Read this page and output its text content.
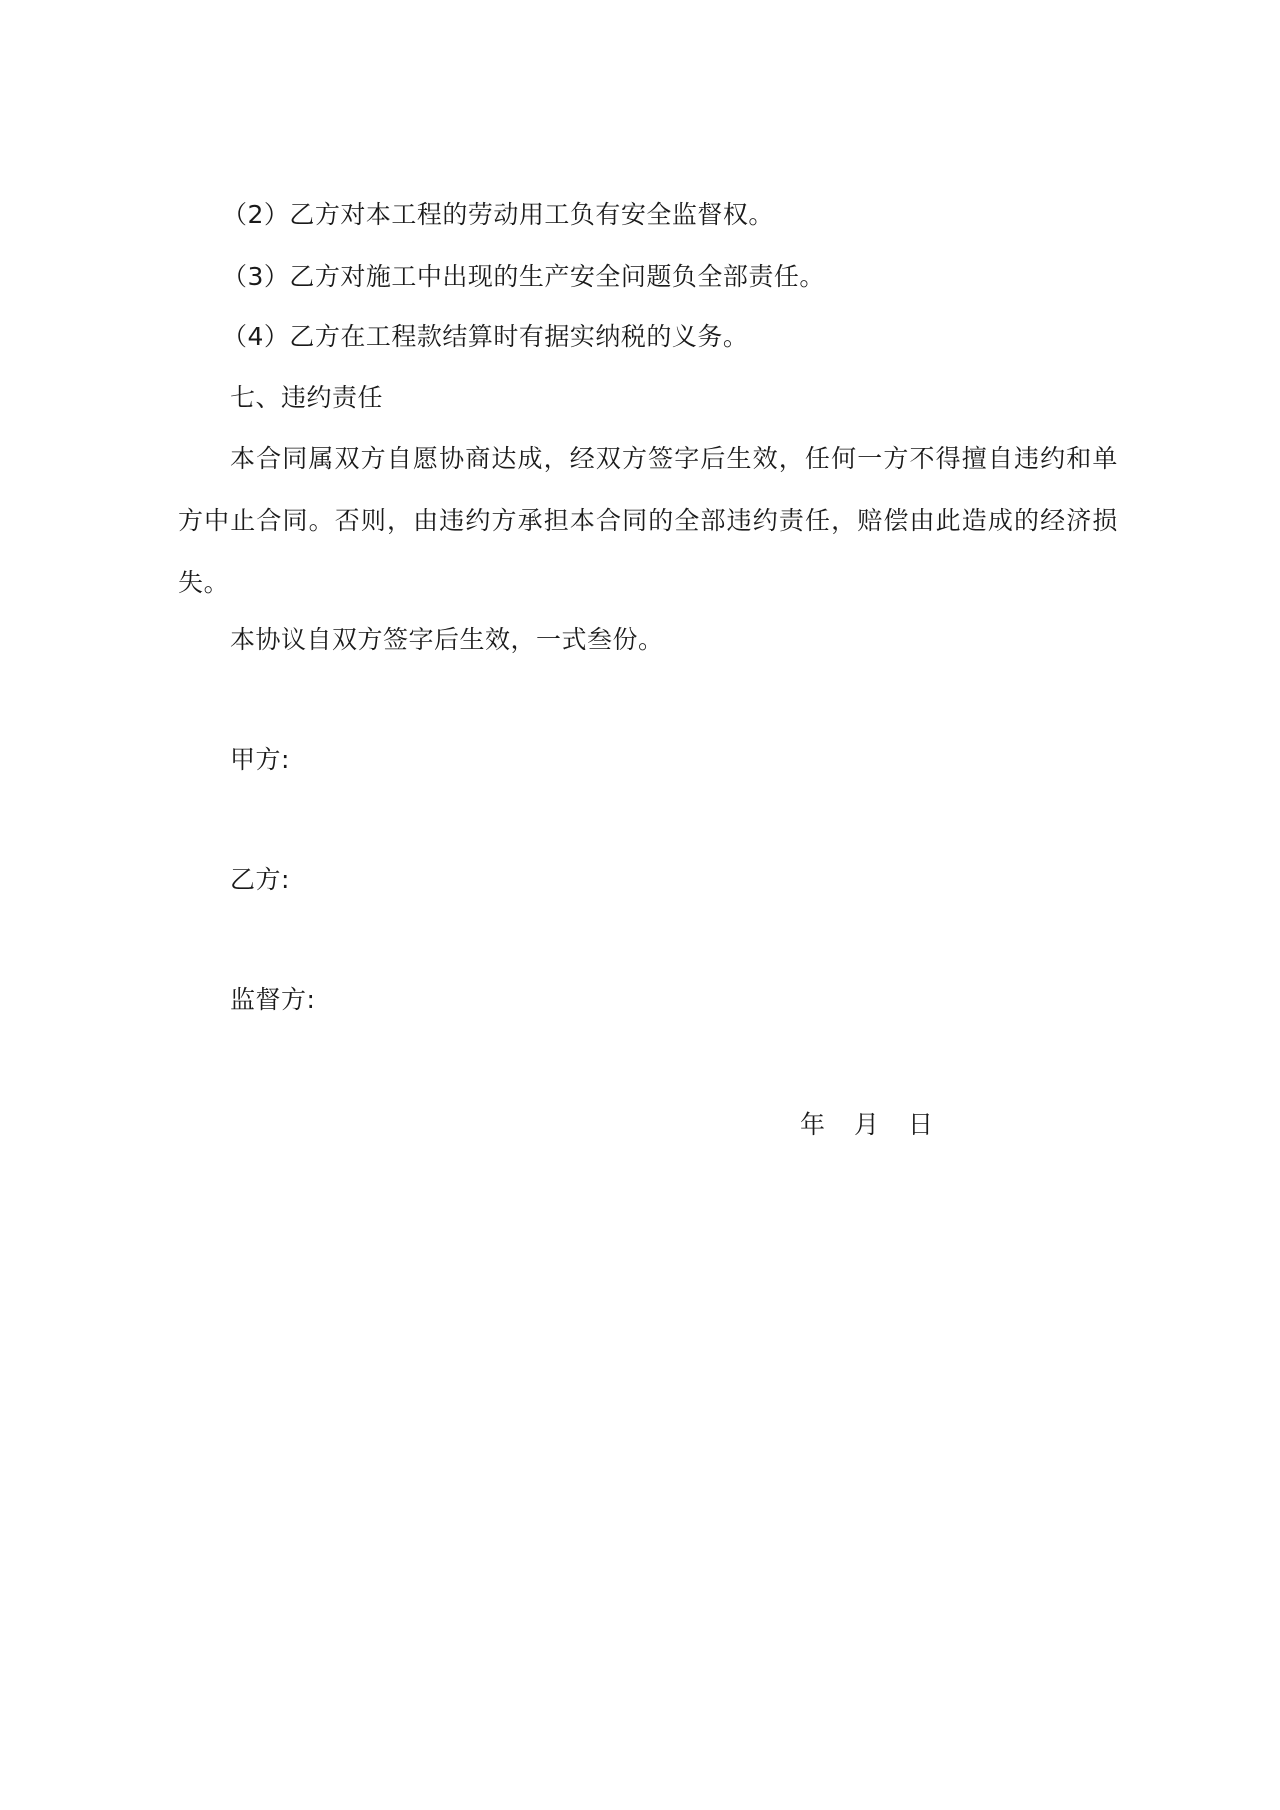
（2）乙方对本工程的劳动用工负有安全监督权。
（3）乙方对施工中出现的生产安全问题负全部责任。
（4）乙方在工程款结算时有据实纳税的义务。
七、违约责任
本合同属双方自愿协商达成，经双方签字后生效，任何一方不得擅自违约和单方中止合同。否则，由违约方承担本合同的全部违约责任，赔偿由此造成的经济损失。
本协议自双方签字后生效，一式叁份。
甲方:
乙方:
监督方:
年　月　日
